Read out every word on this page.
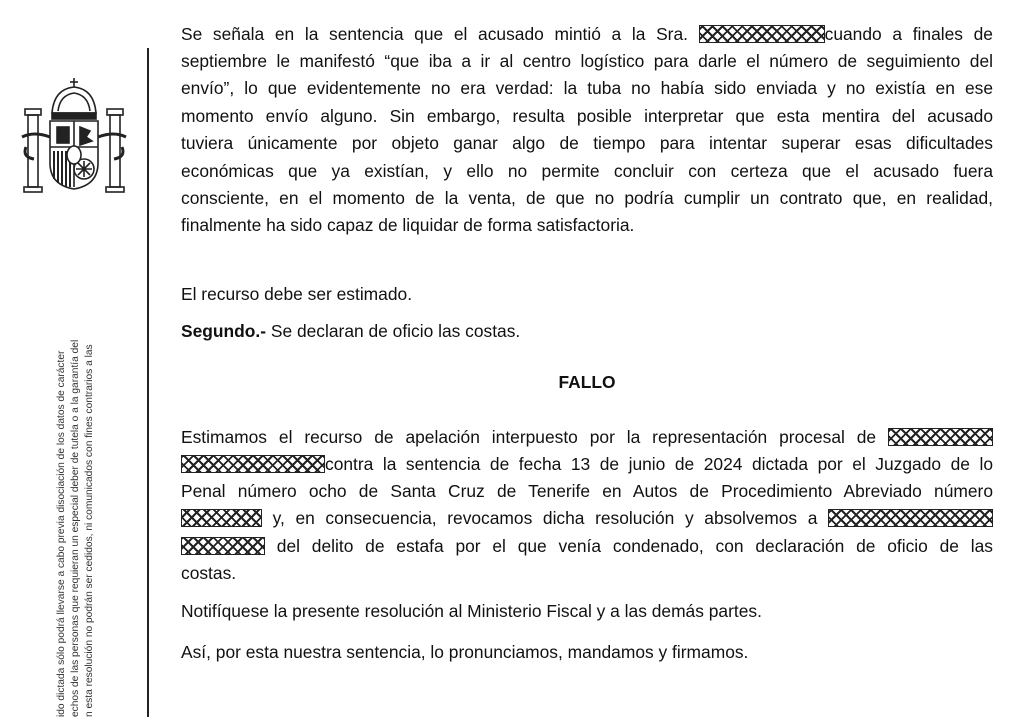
ido dictada sólo podrá llevarse a cabo previa disociación de los datos de carácter echos de las personas que requieran un especial deber de tutela o a la garantía del n esta resolución no podrán ser cedidos, ni comunicados con fines contrarios a las
Se señala en la sentencia que el acusado mintió a la Sra.	cuando a finales de
septiembre le manifestó “que iba a ir al centro logístico para darle el número de seguimiento del
envío”, lo que evidentemente no era verdad: la tuba no había sido enviada y no existía en ese
momento envío alguno. Sin embargo, resulta posible interpretar que esta mentira del acusado
tuviera únicamente por objeto ganar algo de tiempo para intentar superar esas dificultades
económicas que ya existían, y ello no permite concluir con certeza que el acusado fuera
consciente, en el momento de la venta, de que no podría cumplir un contrato que, en realidad,
finalmente ha sido capaz de liquidar de forma satisfactoria.
El recurso debe ser estimado.
Segundo.- Se declaran de oficio las costas.
FALLO
Estimamos el recurso de apelación interpuesto por la representación procesal de
contra la sentencia de fecha 13 de junio de 2024 dictada por el Juzgado de lo
Penal número ocho de Santa Cruz de Tenerife en Autos de Procedimiento Abreviado número
y, en consecuencia, revocamos dicha resolución y absolvemos a
del delito de estafa por el que venía condenado, con declaración de oficio de las
costas.
Notifíquese la presente resolución al Ministerio Fiscal y a las demás partes.
Así, por esta nuestra sentencia, lo pronunciamos, mandamos y firmamos.
